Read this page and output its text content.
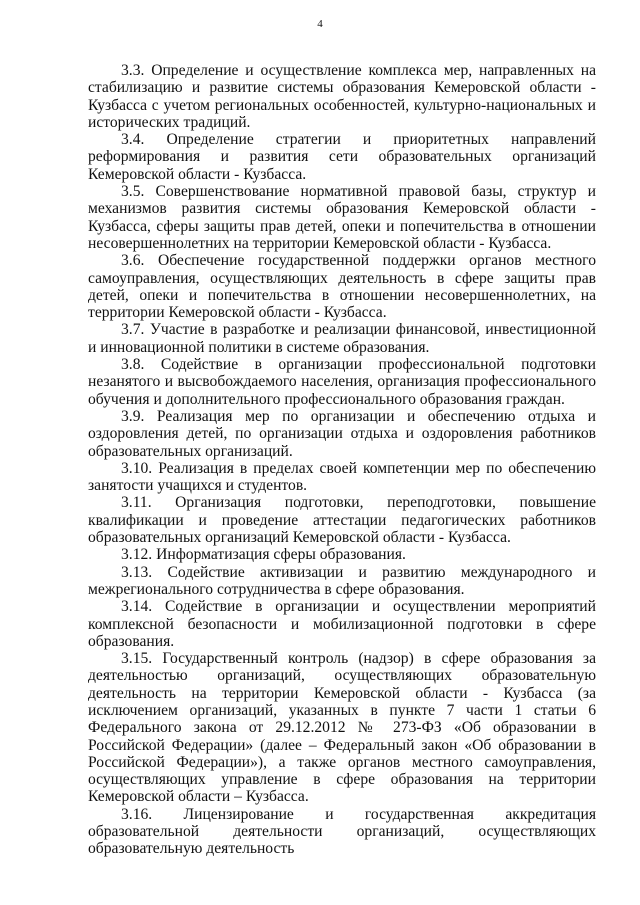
4

3.3. Определение и осуществление комплекса мер, направленных на стабилизацию и развитие системы образования Кемеровской области - Кузбасса с учетом региональных особенностей, культурно-национальных и исторических традиций.

3.4. Определение стратегии и приоритетных направлений реформирования и развития сети образовательных организаций Кемеровской области - Кузбасса.

3.5. Совершенствование нормативной правовой базы, структур и механизмов развития системы образования Кемеровской области - Кузбасса, сферы защиты прав детей, опеки и попечительства в отношении несовершеннолетних на территории Кемеровской области - Кузбасса.

3.6. Обеспечение государственной поддержки органов местного самоуправления, осуществляющих деятельность в сфере защиты прав детей, опеки и попечительства в отношении несовершеннолетних, на территории Кемеровской области - Кузбасса.

3.7. Участие в разработке и реализации финансовой, инвестиционной и инновационной политики в системе образования.

3.8. Содействие в организации профессиональной подготовки незанятого и высвобождаемого населения, организация профессионального обучения и дополнительного профессионального образования граждан.

3.9. Реализация мер по организации и обеспечению отдыха и оздоровления детей, по организации отдыха и оздоровления работников образовательных организаций.

3.10. Реализация в пределах своей компетенции мер по обеспечению занятости учащихся и студентов.

3.11. Организация подготовки, переподготовки, повышение квалификации и проведение аттестации педагогических работников образовательных организаций Кемеровской области - Кузбасса.

3.12. Информатизация сферы образования.

3.13. Содействие активизации и развитию международного и межрегионального сотрудничества в сфере образования.

3.14. Содействие в организации и осуществлении мероприятий комплексной безопасности и мобилизационной подготовки в сфере образования.

3.15. Государственный контроль (надзор) в сфере образования за деятельностью организаций, осуществляющих образовательную деятельность на территории Кемеровской области - Кузбасса (за исключением организаций, указанных в пункте 7 части 1 статьи 6 Федерального закона от 29.12.2012 № 273-ФЗ «Об образовании в Российской Федерации» (далее – Федеральный закон «Об образовании в Российской Федерации»), а также органов местного самоуправления, осуществляющих управление в сфере образования на территории Кемеровской области – Кузбасса.

3.16. Лицензирование и государственная аккредитация образовательной деятельности организаций, осуществляющих образовательную деятельность
